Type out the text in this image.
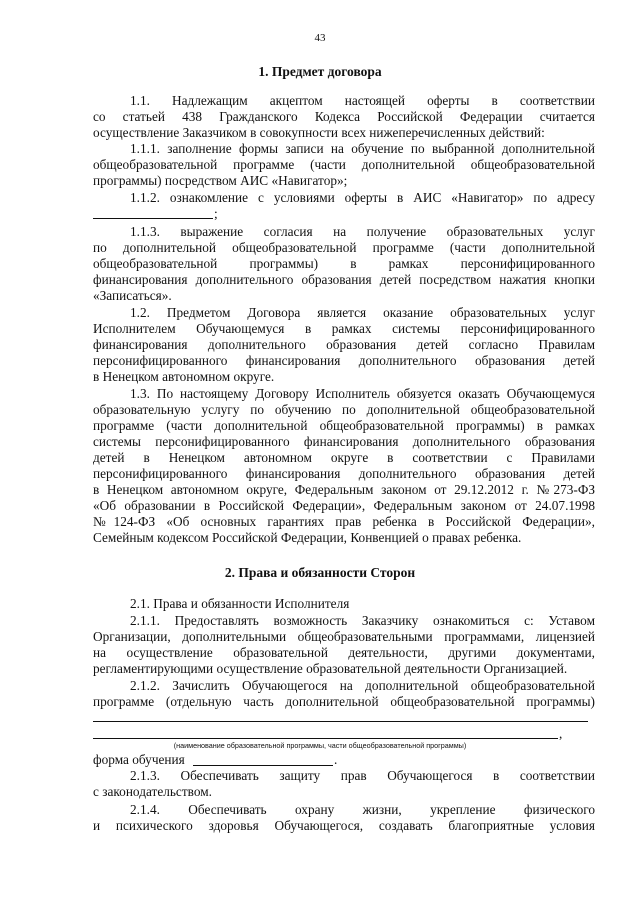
43
1. Предмет договора
1.1. Надлежащим акцептом настоящей оферты в соответствии
со статьей 438 Гражданского Кодекса Российской Федерации считается
осуществление Заказчиком в совокупности всех нижеперечисленных действий:
1.1.1. заполнение формы записи на обучение по выбранной дополнительной
общеобразовательной программе (части дополнительной общеобразовательной
программы) посредством АИС «Навигатор»;
1.1.2. ознакомление с условиями оферты в АИС «Навигатор» по адресу
;
1.1.3. выражение согласия на получение образовательных услуг
по дополнительной общеобразовательной программе (части дополнительной
общеобразовательной программы) в рамках персонифицированного
финансирования дополнительного образования детей посредством нажатия кнопки
«Записаться».
1.2. Предметом Договора является оказание образовательных услуг
Исполнителем Обучающемуся в рамках системы персонифицированного
финансирования дополнительного образования детей согласно Правилам
персонифицированного финансирования дополнительного образования детей
в Ненецком автономном округе.
1.3. По настоящему Договору Исполнитель обязуется оказать Обучающемуся
образовательную услугу по обучению по дополнительной общеобразовательной
программе (части дополнительной общеобразовательной программы) в рамках
системы персонифицированного финансирования дополнительного образования
детей в Ненецком автономном округе в соответствии с Правилами
персонифицированного финансирования дополнительного образования детей
в Ненецком автономном округе, Федеральным законом от 29.12.2012 г. №273-ФЗ
«Об образовании в Российской Федерации», Федеральным законом от 24.07.1998
№124-ФЗ «Об основных гарантиях прав ребенка в Российской Федерации»,
Семейным кодексом Российской Федерации, Конвенцией о правах ребенка.
2. Права и обязанности Сторон
2.1. Права и обязанности Исполнителя
2.1.1. Предоставлять возможность Заказчику ознакомиться с: Уставом
Организации, дополнительными общеобразовательными программами, лицензией
на осуществление образовательной деятельности, другими документами,
регламентирующими осуществление образовательной деятельности Организацией.
2.1.2. Зачислить Обучающегося на дополнительной общеобразовательной
программе (отдельную часть дополнительной общеобразовательной программы)
,
(наименование образовательной программы, части общеобразовательной программы)
форма обучения	.
2.1.3. Обеспечивать защиту прав Обучающегося в соответствии
с законодательством.
2.1.4. Обеспечивать охрану жизни, укрепление физического
и психического здоровья Обучающегося, создавать благоприятные условия
